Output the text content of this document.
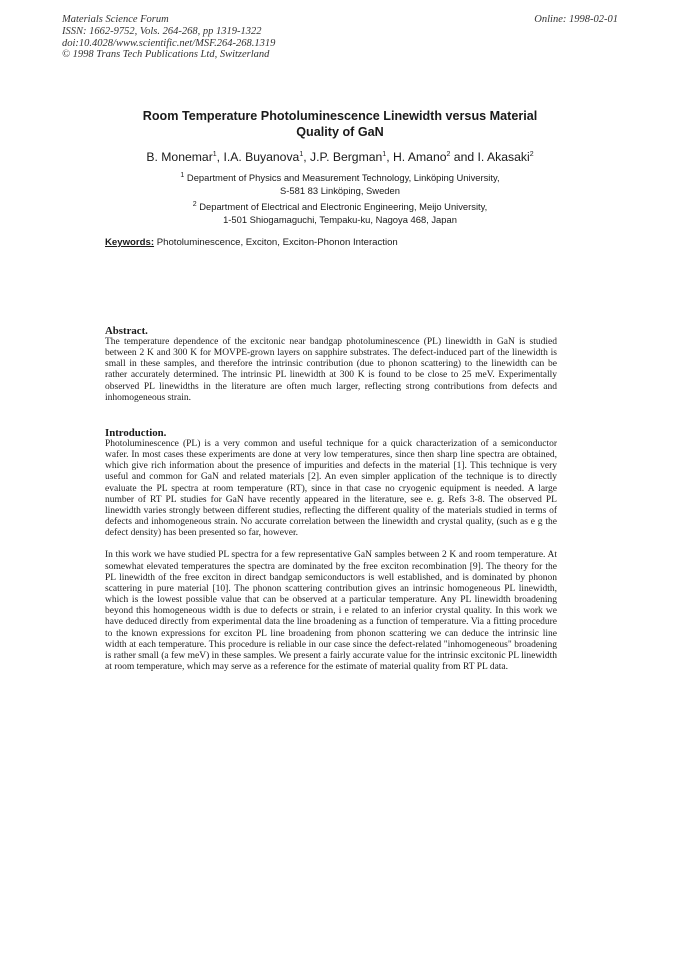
Materials Science Forum
ISSN: 1662-9752, Vols. 264-268, pp 1319-1322
doi:10.4028/www.scientific.net/MSF.264-268.1319
© 1998 Trans Tech Publications Ltd, Switzerland
Online: 1998-02-01
Room Temperature Photoluminescence Linewidth versus Material
Quality of GaN
B. Monemar$^1$, I.A. Buyanova$^1$, J.P. Bergman$^1$, H. Amano$^2$ and I. Akasaki$^2$
$^1$ Department of Physics and Measurement Technology, Linköping University,
S-581 83 Linköping, Sweden
$^2$ Department of Electrical and Electronic Engineering, Meijo University,
1-501 Shiogamaguchi, Tempaku-ku, Nagoya 468, Japan
Keywords: Photoluminescence, Exciton, Exciton-Phonon Interaction

Abstract.

The temperature dependence of the excitonic near bandgap photoluminescence (PL) linewidth in GaN is studied between 2 K and 300 K for MOVPE-grown layers on sapphire substrates. The defect-induced part of the linewidth is small in these samples, and therefore the intrinsic contribution (due to phonon scattering) to the linewidth can be rather accurately determined. The intrinsic PL linewidth at 300 K is found to be close to 25 meV. Experimentally observed PL linewidths in the literature are often much larger, reflecting strong contributions from defects and inhomogeneous strain.

Introduction.

Photoluminescence (PL) is a very common and useful technique for a quick characterization of a semiconductor wafer. In most cases these experiments are done at very low temperatures, since then sharp line spectra are obtained, which give rich information about the presence of impurities and defects in the material [1]. This technique is very useful and common for GaN and related materials [2]. An even simpler application of the technique is to directly evaluate the PL spectra at room temperature (RT), since in that case no cryogenic equipment is needed. A large number of RT PL studies for GaN have recently appeared in the literature, see e. g. Refs 3-8. The observed PL linewidth varies strongly between different studies, reflecting the different quality of the materials studied in terms of defects and inhomogeneous strain. No accurate correlation between the linewidth and crystal quality, (such as e g the defect density) has been presented so far, however.

In this work we have studied PL spectra for a few representative GaN samples between 2 K and room temperature. At somewhat elevated temperatures the spectra are dominated by the free exciton recombination [9]. The theory for the PL linewidth of the free exciton in direct bandgap semiconductors is well established, and is dominated by phonon scattering in pure material [10]. The phonon scattering contribution gives an intrinsic homogeneous PL linewidth, which is the lowest possible value that can be observed at a particular temperature. Any PL linewidth broadening beyond this homogeneous width is due to defects or strain, i e related to an inferior crystal quality. In this work we have deduced directly from experimental data the line broadening as a function of temperature. Via a fitting procedure to the known expressions for exciton PL line broadening from phonon scattering we can deduce the intrinsic line width at each temperature. This procedure is reliable in our case since the defect-related "inhomogeneous" broadening is rather small (a few meV) in these samples. We present a fairly accurate value for the intrinsic excitonic PL linewidth at room temperature, which may serve as a reference for the estimate of material quality from RT PL data.
